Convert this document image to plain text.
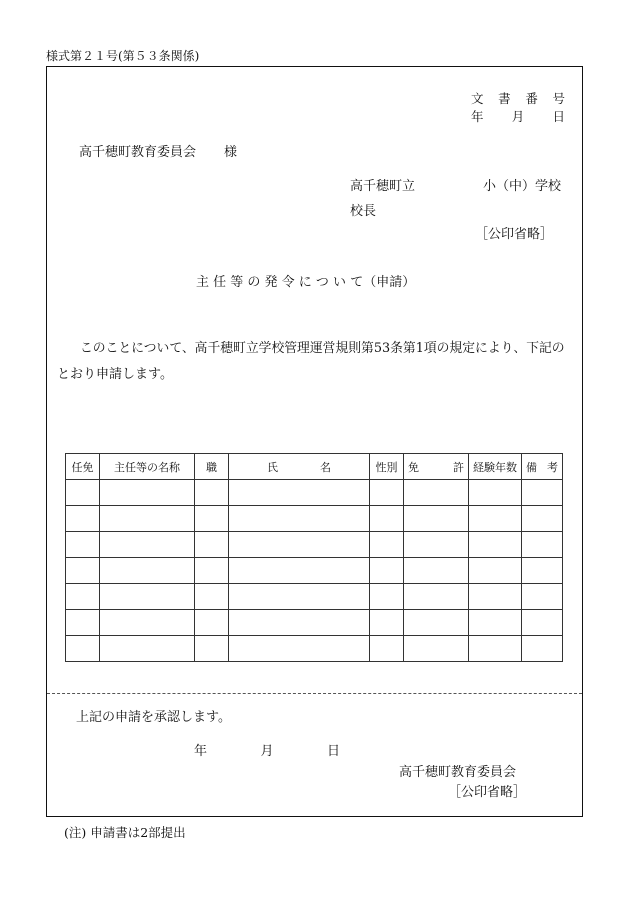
様式第２１号(第５３条関係)
文 書 番 号
年 月 日
高千穂町教育委員会 様
高千穂町立	小（中）学校
校長
［公印省略］
主 任 等 の 発 令 に つ い て（申請）
このことについて、高千穂町立学校管理運営規則第53条第1項の規定により、下記の
とおり申請します。
任免	主任等の名称	職	氏 名	性別	免 許	経験年数	備 考

上記の申請を承認します。
年	月	日
高千穂町教育委員会
［公印省略］
(注) 申請書は2部提出
